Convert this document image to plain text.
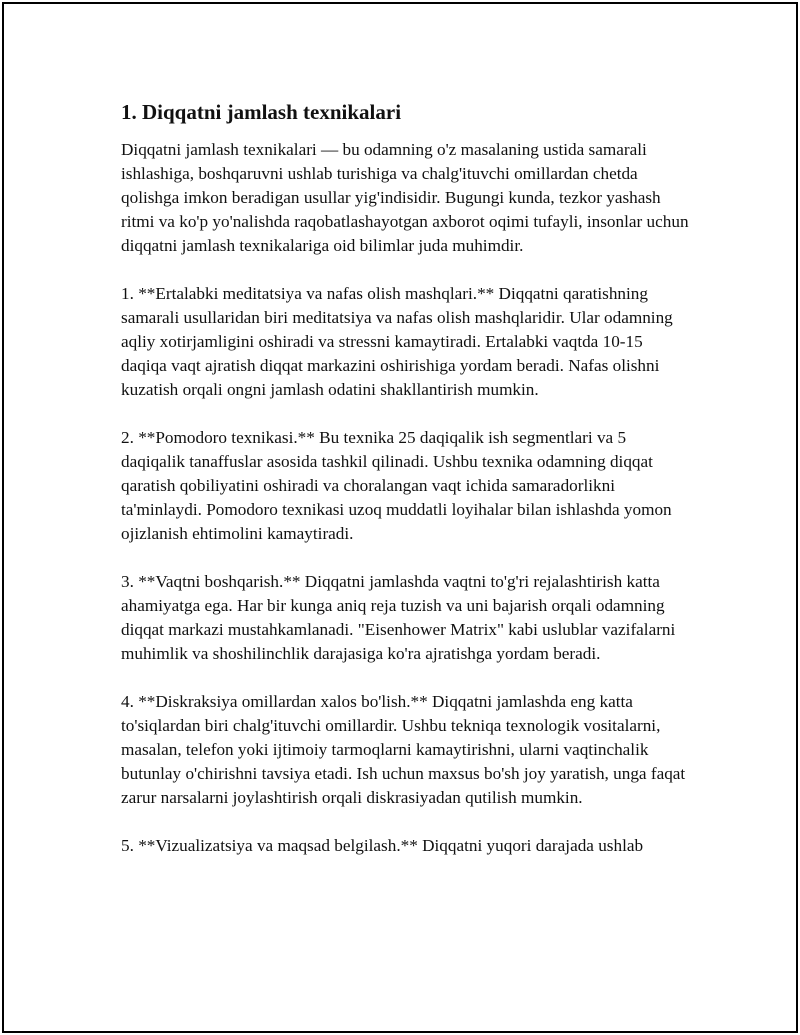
1. Diqqatni jamlash texnikalari

Diqqatni jamlash texnikalari — bu odamning o'z masalaning ustida samarali ishlashiga, boshqaruvni ushlab turishiga va chalg'ituvchi omillardan chetda qolishga imkon beradigan usullar yig'indisidir. Bugungi kunda, tezkor yashash ritmi va ko'p yo'nalishda raqobatlashayotgan axborot oqimi tufayli, insonlar uchun diqqatni jamlash texnikalariga oid bilimlar juda muhimdir.

1. **Ertalabki meditatsiya va nafas olish mashqlari.** Diqqatni qaratishning samarali usullaridan biri meditatsiya va nafas olish mashqlaridir. Ular odamning aqliy xotirjamligini oshiradi va stressni kamaytiradi. Ertalabki vaqtda 10-15 daqiqa vaqt ajratish diqqat markazini oshirishiga yordam beradi. Nafas olishni kuzatish orqali ongni jamlash odatini shakllantirish mumkin.

2. **Pomodoro texnikasi.** Bu texnika 25 daqiqalik ish segmentlari va 5 daqiqalik tanaffuslar asosida tashkil qilinadi. Ushbu texnika odamning diqqat qaratish qobiliyatini oshiradi va choralangan vaqt ichida samaradorlikni ta'minlaydi. Pomodoro texnikasi uzoq muddatli loyihalar bilan ishlashda yomon ojizlanish ehtimolini kamaytiradi.

3. **Vaqtni boshqarish.** Diqqatni jamlashda vaqtni to'g'ri rejalashtirish katta ahamiyatga ega. Har bir kunga aniq reja tuzish va uni bajarish orqali odamning diqqat markazi mustahkamlanadi. "Eisenhower Matrix" kabi uslublar vazifalarni muhimlik va shoshilinchlik darajasiga ko'ra ajratishga yordam beradi.

4. **Diskraksiya omillardan xalos bo'lish.** Diqqatni jamlashda eng katta to'siqlardan biri chalg'ituvchi omillardir. Ushbu tekniqa texnologik vositalarni, masalan, telefon yoki ijtimoiy tarmoqlarni kamaytirishni, ularni vaqtinchalik butunlay o'chirishni tavsiya etadi. Ish uchun maxsus bo'sh joy yaratish, unga faqat zarur narsalarni joylashtirish orqali diskrasiyadan qutilish mumkin.

5. **Vizualizatsiya va maqsad belgilash.** Diqqatni yuqori darajada ushlab
